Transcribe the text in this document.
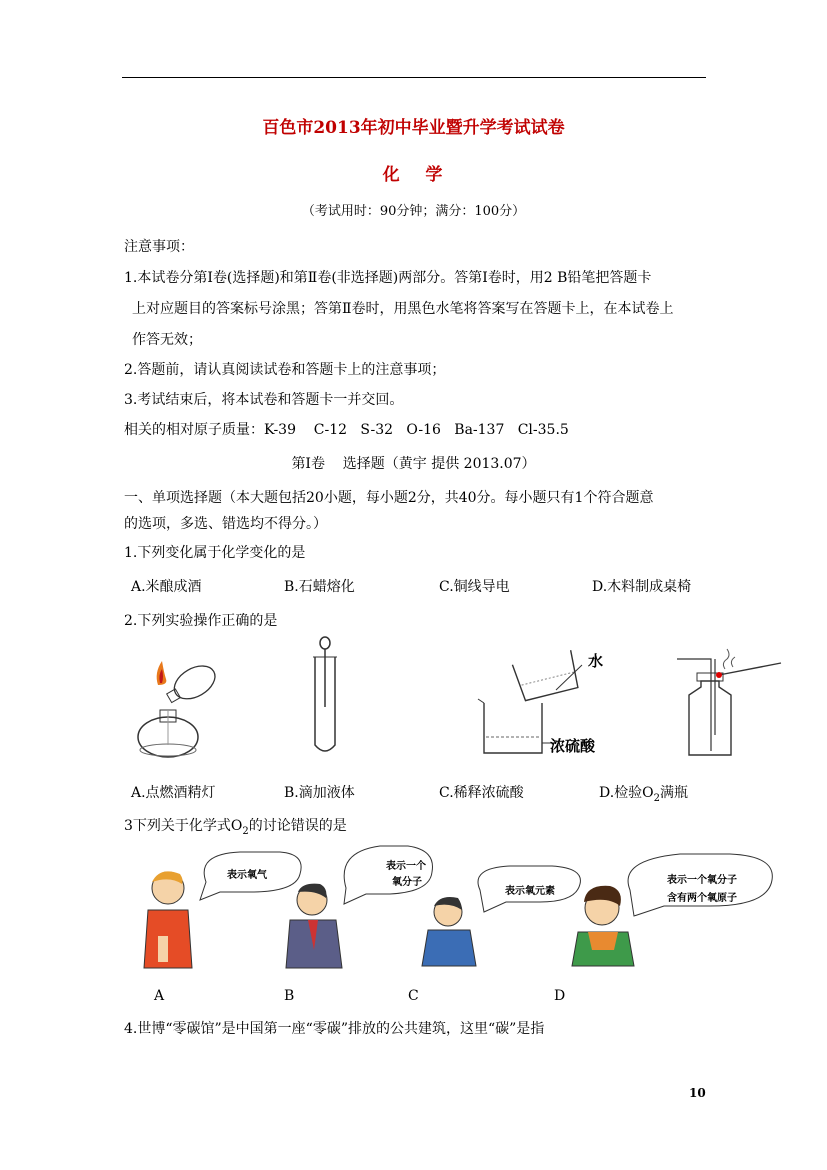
百色市2013年初中毕业暨升学考试试卷
化   学
（考试用时：90分钟；满分：100分）
注意事项：
1.本试卷分第Ⅰ卷(选择题)和第Ⅱ卷(非选择题)两部分。答第Ⅰ卷时，用2 B铅笔把答题卡
上对应题目的答案标号涂黑；答第Ⅱ卷时，用黑色水笔将答案写在答题卡上，在本试卷上
作答无效；
2.答题前，请认真阅读试卷和答题卡上的注意事项；
3.考试结束后，将本试卷和答题卡一并交回。
相关的相对原子质量：K-39    C-12   S-32   O-16   Ba-137   Cl-35.5
第Ⅰ卷    选择题（黄宇 提供 2013.07）
一、单项选择题（本大题包括20小题，每小题2分，共40分。每小题只有1个符合题意
的选项，多选、错选均不得分。）
1.下列变化属于化学变化的是
A.米酿成酒	B.石蜡熔化	C.铜线导电	D.木料制成桌椅
2.下列实验操作正确的是
水
浓硫酸
A.点燃酒精灯	B.滴加液体	C.稀释浓硫酸	D.检验$O_2$满瓶
3下列关于化学式$O_2$的讨论错误的是
表示氧气
表示一个
氧分子
表示氧元素
表示一个氧分子
含有两个氧原子
A	B	C	D
4.世博“零碳馆”是中国第一座“零碳”排放的公共建筑，这里“碳”是指
10
